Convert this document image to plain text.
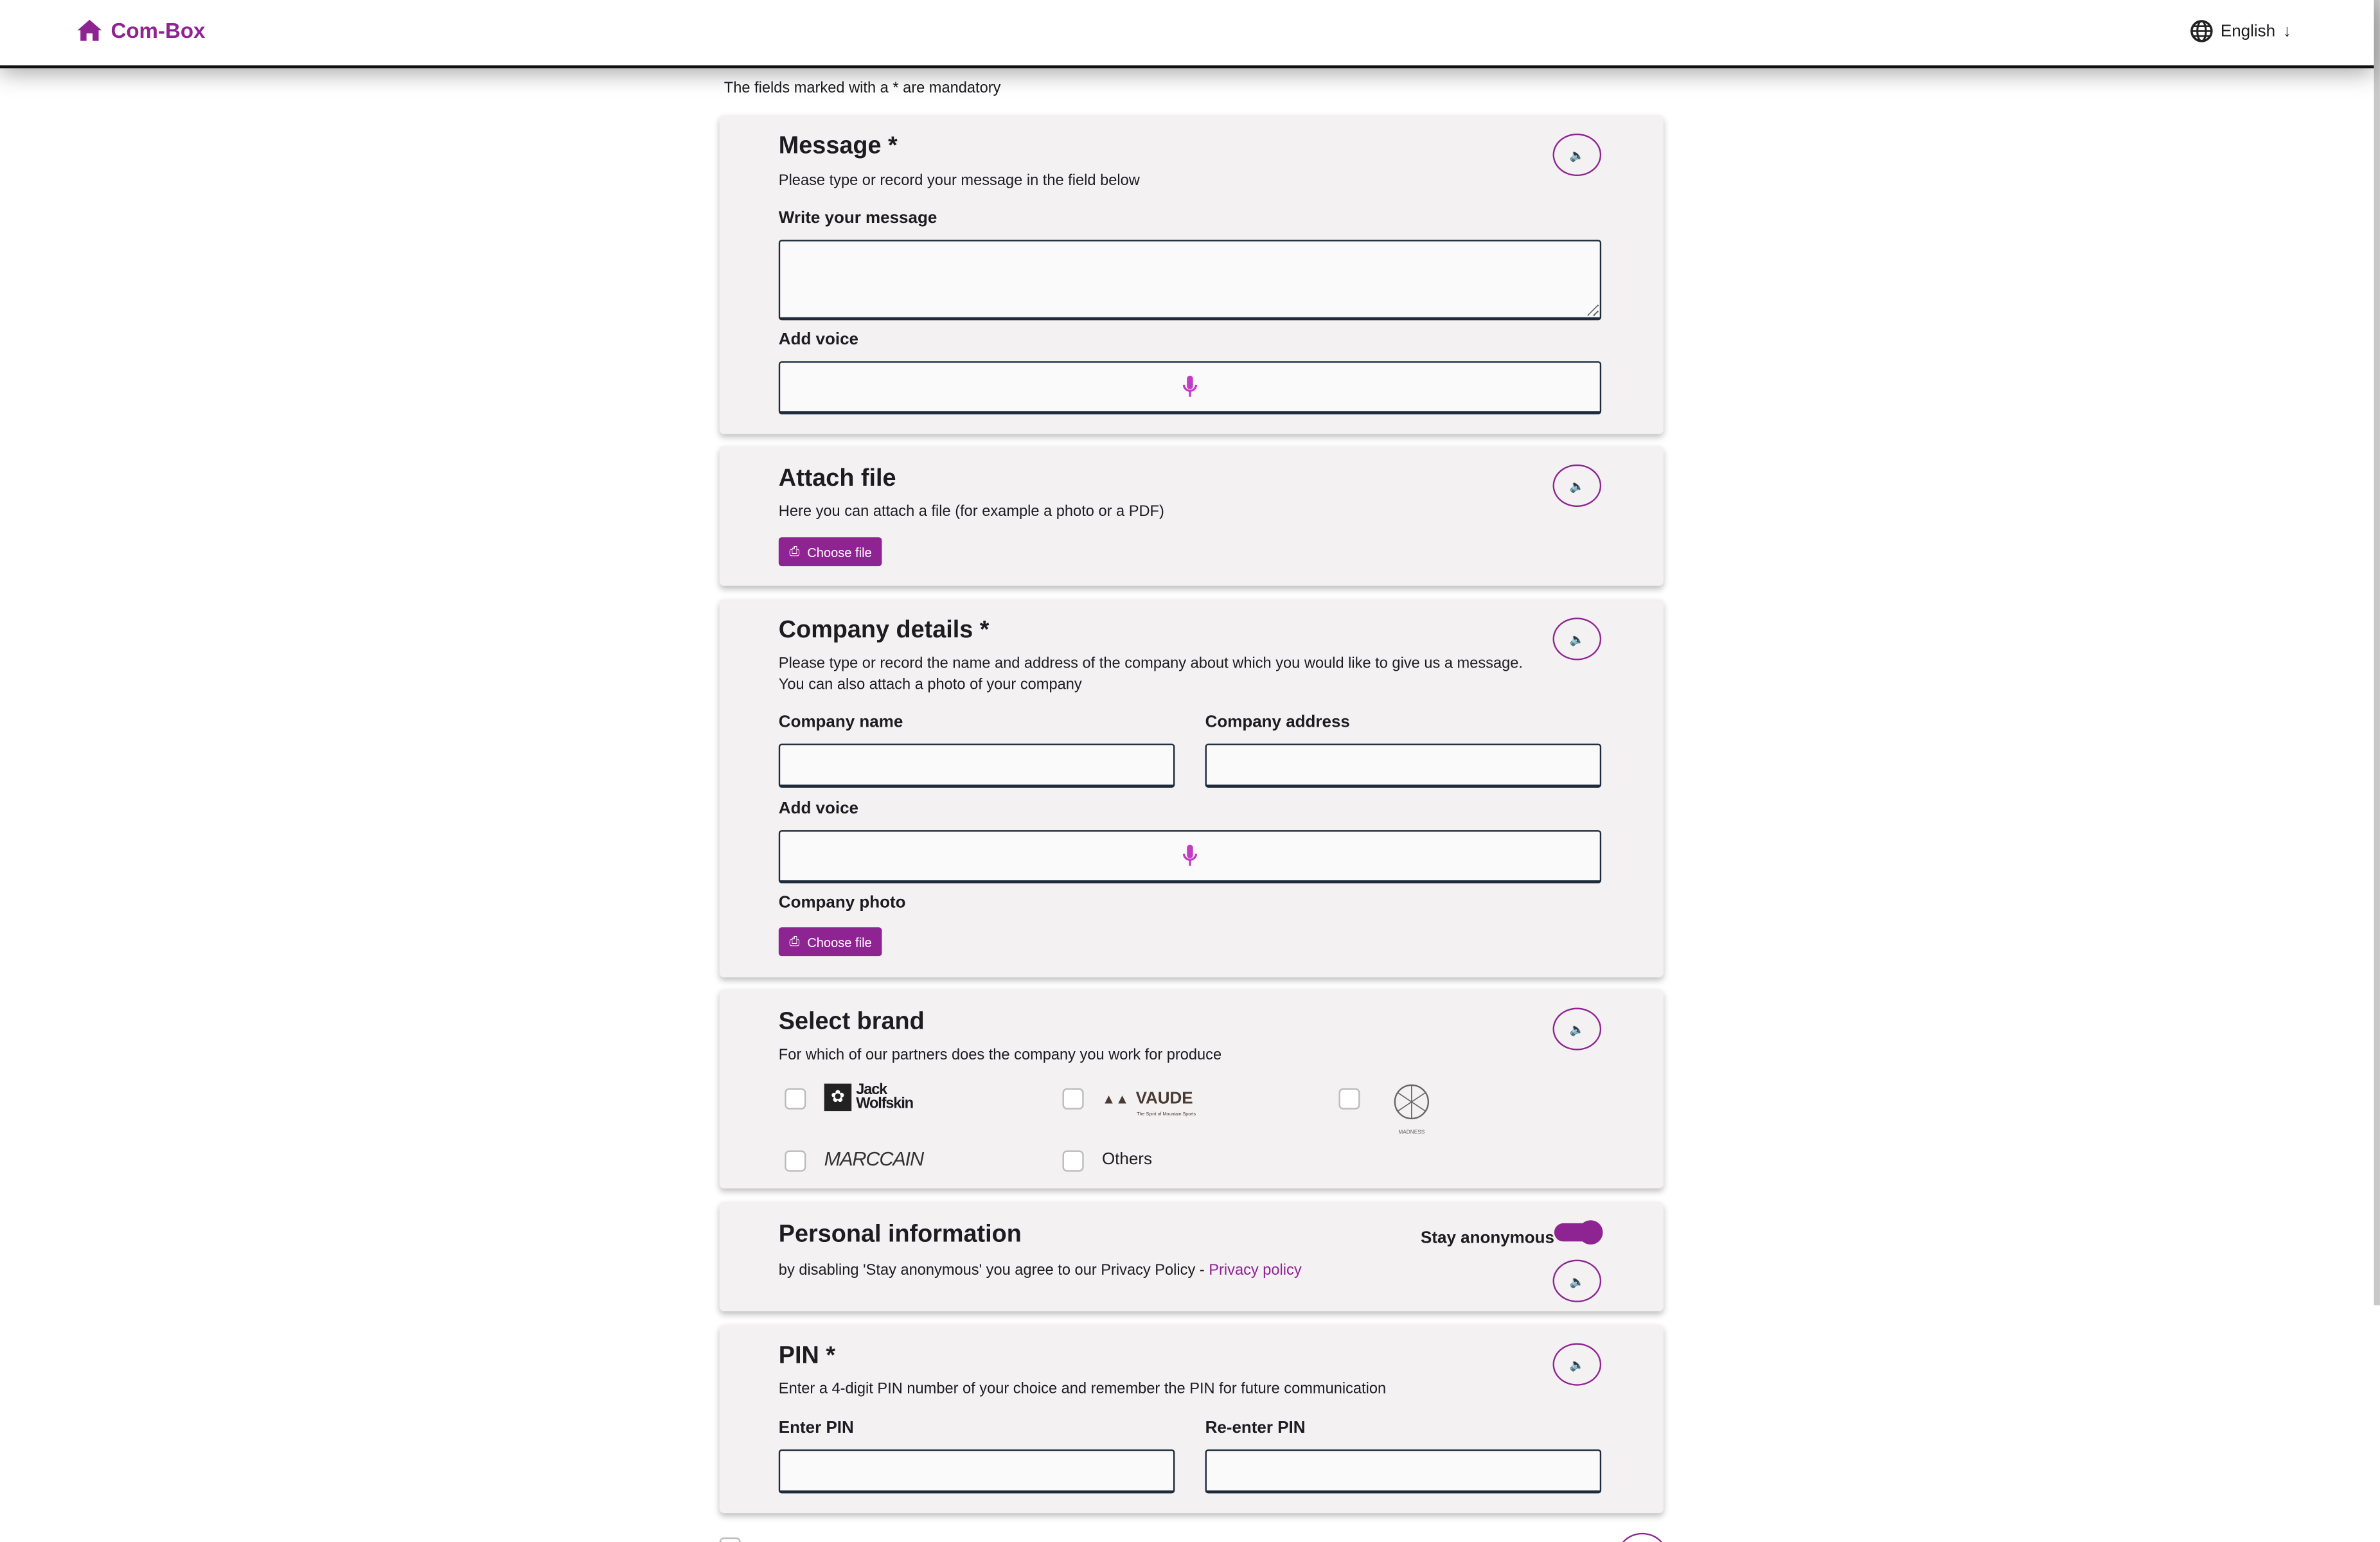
Com-Box	English ↓
The fields marked with a * are mandatory
Message *
Please type or record your message in the field below
Write your message
Add voice
🔈
Attach file
Here you can attach a file (for example a photo or a PDF)
⎙ Choose file
🔈
Company details *
Please type or record the name and address of the company about which you would like to give us a message.
You can also attach a photo of your company
Company name	Company address
Add voice
Company photo
⎙ Choose file
🔈
Select brand
For which of our partners does the company you work for produce
✿	Jack
Wolfskin	▲▲ VAUDE
The Spirit of Mountain Sports
MADNESS
MARCCAIN	Others
🔈
Personal information	Stay anonymous
by disabling 'Stay anonymous' you agree to our Privacy Policy - Privacy policy
🔈
PIN *
Enter a 4-digit PIN number of your choice and remember the PIN for future communication
Enter PIN	Re-enter PIN
🔈
